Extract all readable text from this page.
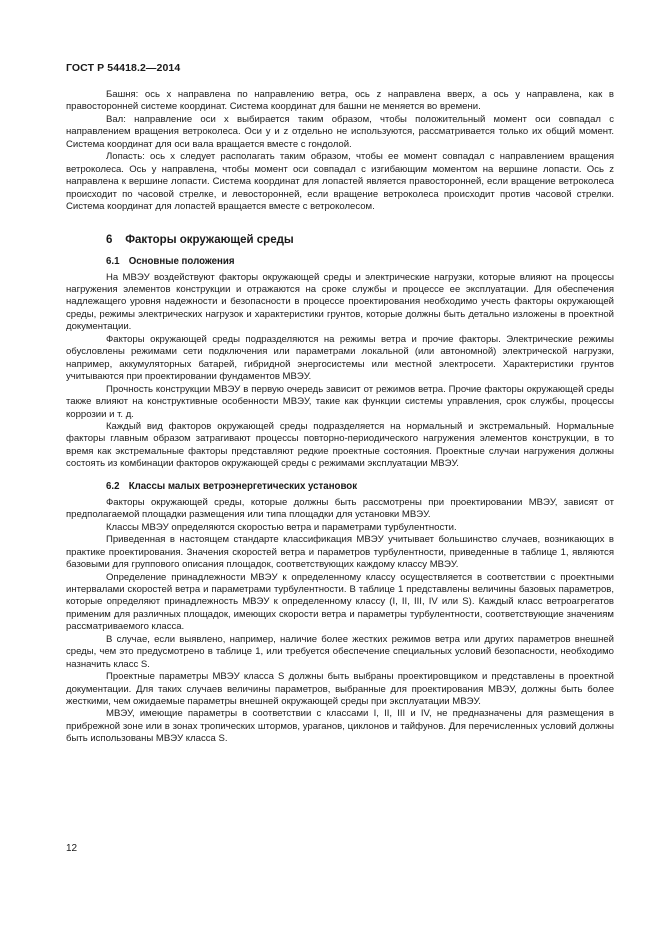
ГОСТ Р 54418.2—2014

Башня: ось x направлена по направлению ветра, ось z направлена вверх, а ось y направлена, как в правосторонней системе координат. Система координат для башни не меняется во времени.

Вал: направление оси x выбирается таким образом, чтобы положительный момент оси совпадал с направлением вращения ветроколеса. Оси y и z отдельно не используются, рассматривается только их общий момент. Система координат для оси вала вращается вместе с гондолой.

Лопасть: ось x следует располагать таким образом, чтобы ее момент совпадал с направлением вращения ветроколеса. Ось y направлена, чтобы момент оси совпадал с изгибающим моментом на вершине лопасти. Ось z направлена к вершине лопасти. Система координат для лопастей является правосторонней, если вращение ветроколеса происходит по часовой стрелке, и левосторонней, если вращение ветроколеса происходит против часовой стрелки. Система координат для лопастей вращается вместе с ветроколесом.

6 Факторы окружающей среды
6.1 Основные положения

На МВЭУ воздействуют факторы окружающей среды и электрические нагрузки, которые влияют на процессы нагружения элементов конструкции и отражаются на сроке службы и процессе ее эксплуатации. Для обеспечения надлежащего уровня надежности и безопасности в процессе проектирования необходимо учесть факторы окружающей среды, режимы электрических нагрузок и характеристики грунтов, которые должны быть детально изложены в проектной документации.

Факторы окружающей среды подразделяются на режимы ветра и прочие факторы. Электрические режимы обусловлены режимами сети подключения или параметрами локальной (или автономной) электрической нагрузки, например, аккумуляторных батарей, гибридной энергосистемы или местной электросети. Характеристики грунтов учитываются при проектировании фундаментов МВЭУ.

Прочность конструкции МВЭУ в первую очередь зависит от режимов ветра. Прочие факторы окружающей среды также влияют на конструктивные особенности МВЭУ, такие как функции системы управления, срок службы, процессы коррозии и т. д.

Каждый вид факторов окружающей среды подразделяется на нормальный и экстремальный. Нормальные факторы главным образом затрагивают процессы повторно-периодического нагружения элементов конструкции, в то время как экстремальные факторы представляют редкие проектные состояния. Проектные случаи нагружения должны состоять из комбинации факторов окружающей среды с режимами эксплуатации МВЭУ.

6.2 Классы малых ветроэнергетических установок

Факторы окружающей среды, которые должны быть рассмотрены при проектировании МВЭУ, зависят от предполагаемой площадки размещения или типа площадки для установки МВЭУ.

Классы МВЭУ определяются скоростью ветра и параметрами турбулентности.

Приведенная в настоящем стандарте классификация МВЭУ учитывает большинство случаев, возникающих в практике проектирования. Значения скоростей ветра и параметров турбулентности, приведенные в таблице 1, являются базовыми для группового описания площадок, соответствующих каждому классу МВЭУ.

Определение принадлежности МВЭУ к определенному классу осуществляется в соответствии с проектными интервалами скоростей ветра и параметрами турбулентности. В таблице 1 представлены величины базовых параметров, которые определяют принадлежность МВЭУ к определенному классу (I, II, III, IV или S). Каждый класс ветроагрегатов применим для различных площадок, имеющих скорости ветра и параметры турбулентности, соответствующие значениям рассматриваемого класса.

В случае, если выявлено, например, наличие более жестких режимов ветра или других параметров внешней среды, чем это предусмотрено в таблице 1, или требуется обеспечение специальных условий безопасности, необходимо назначить класс S.

Проектные параметры МВЭУ класса S должны быть выбраны проектировщиком и представлены в проектной документации. Для таких случаев величины параметров, выбранные для проектирования МВЭУ, должны быть более жесткими, чем ожидаемые параметры внешней окружающей среды при эксплуатации МВЭУ.

МВЭУ, имеющие параметры в соответствии с классами I, II, III и IV, не предназначены для размещения в прибрежной зоне или в зонах тропических штормов, ураганов, циклонов и тайфунов. Для перечисленных условий должны быть использованы МВЭУ класса S.

12
